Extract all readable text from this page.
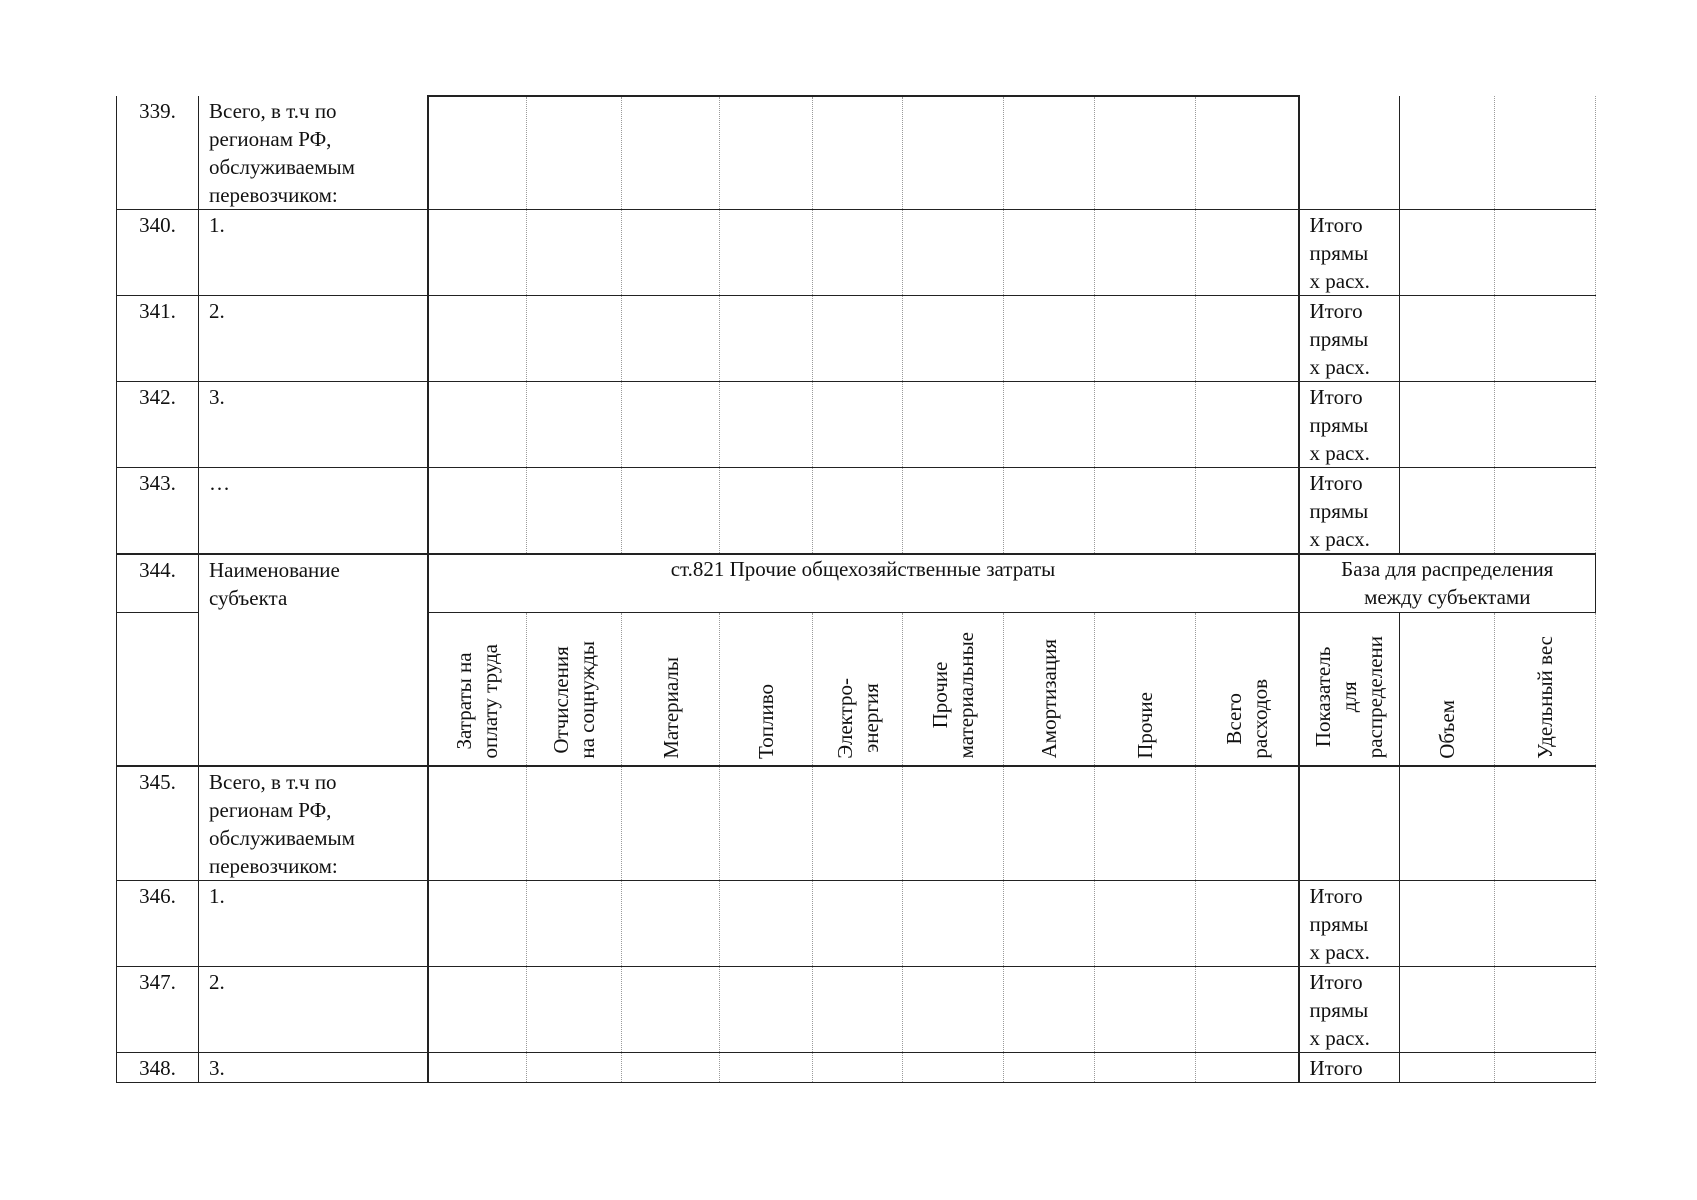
339.	Всего, в т.ч по
регионам РФ,
обслуживаемым
перевозчиком:												
340.	1.										Итого
прямы
х расх.		
341.	2.										Итого
прямы
х расх.		
342.	3.										Итого
прямы
х расх.		
343.	…										Итого
прямы
х расх.		
344.	Наименование
субъекта	ст.821 Прочие общехозяйственные затраты									База для распределения
между субъектами		

		Затраты на
оплату труда	Отчисления
на соцнужды	Материалы	Топливо	Электро-
энергия	Прочие
материальные	Амортизация	Прочие	Всего
расходов	Показатель
для
распределени	Объем	Удельный вес

345.	Всего, в т.ч по
регионам РФ,
обслуживаемым
перевозчиком:												
346.	1.										Итого
прямы
х расх.		
347.	2.										Итого
прямы
х расх.		
348.	3.										Итого		
